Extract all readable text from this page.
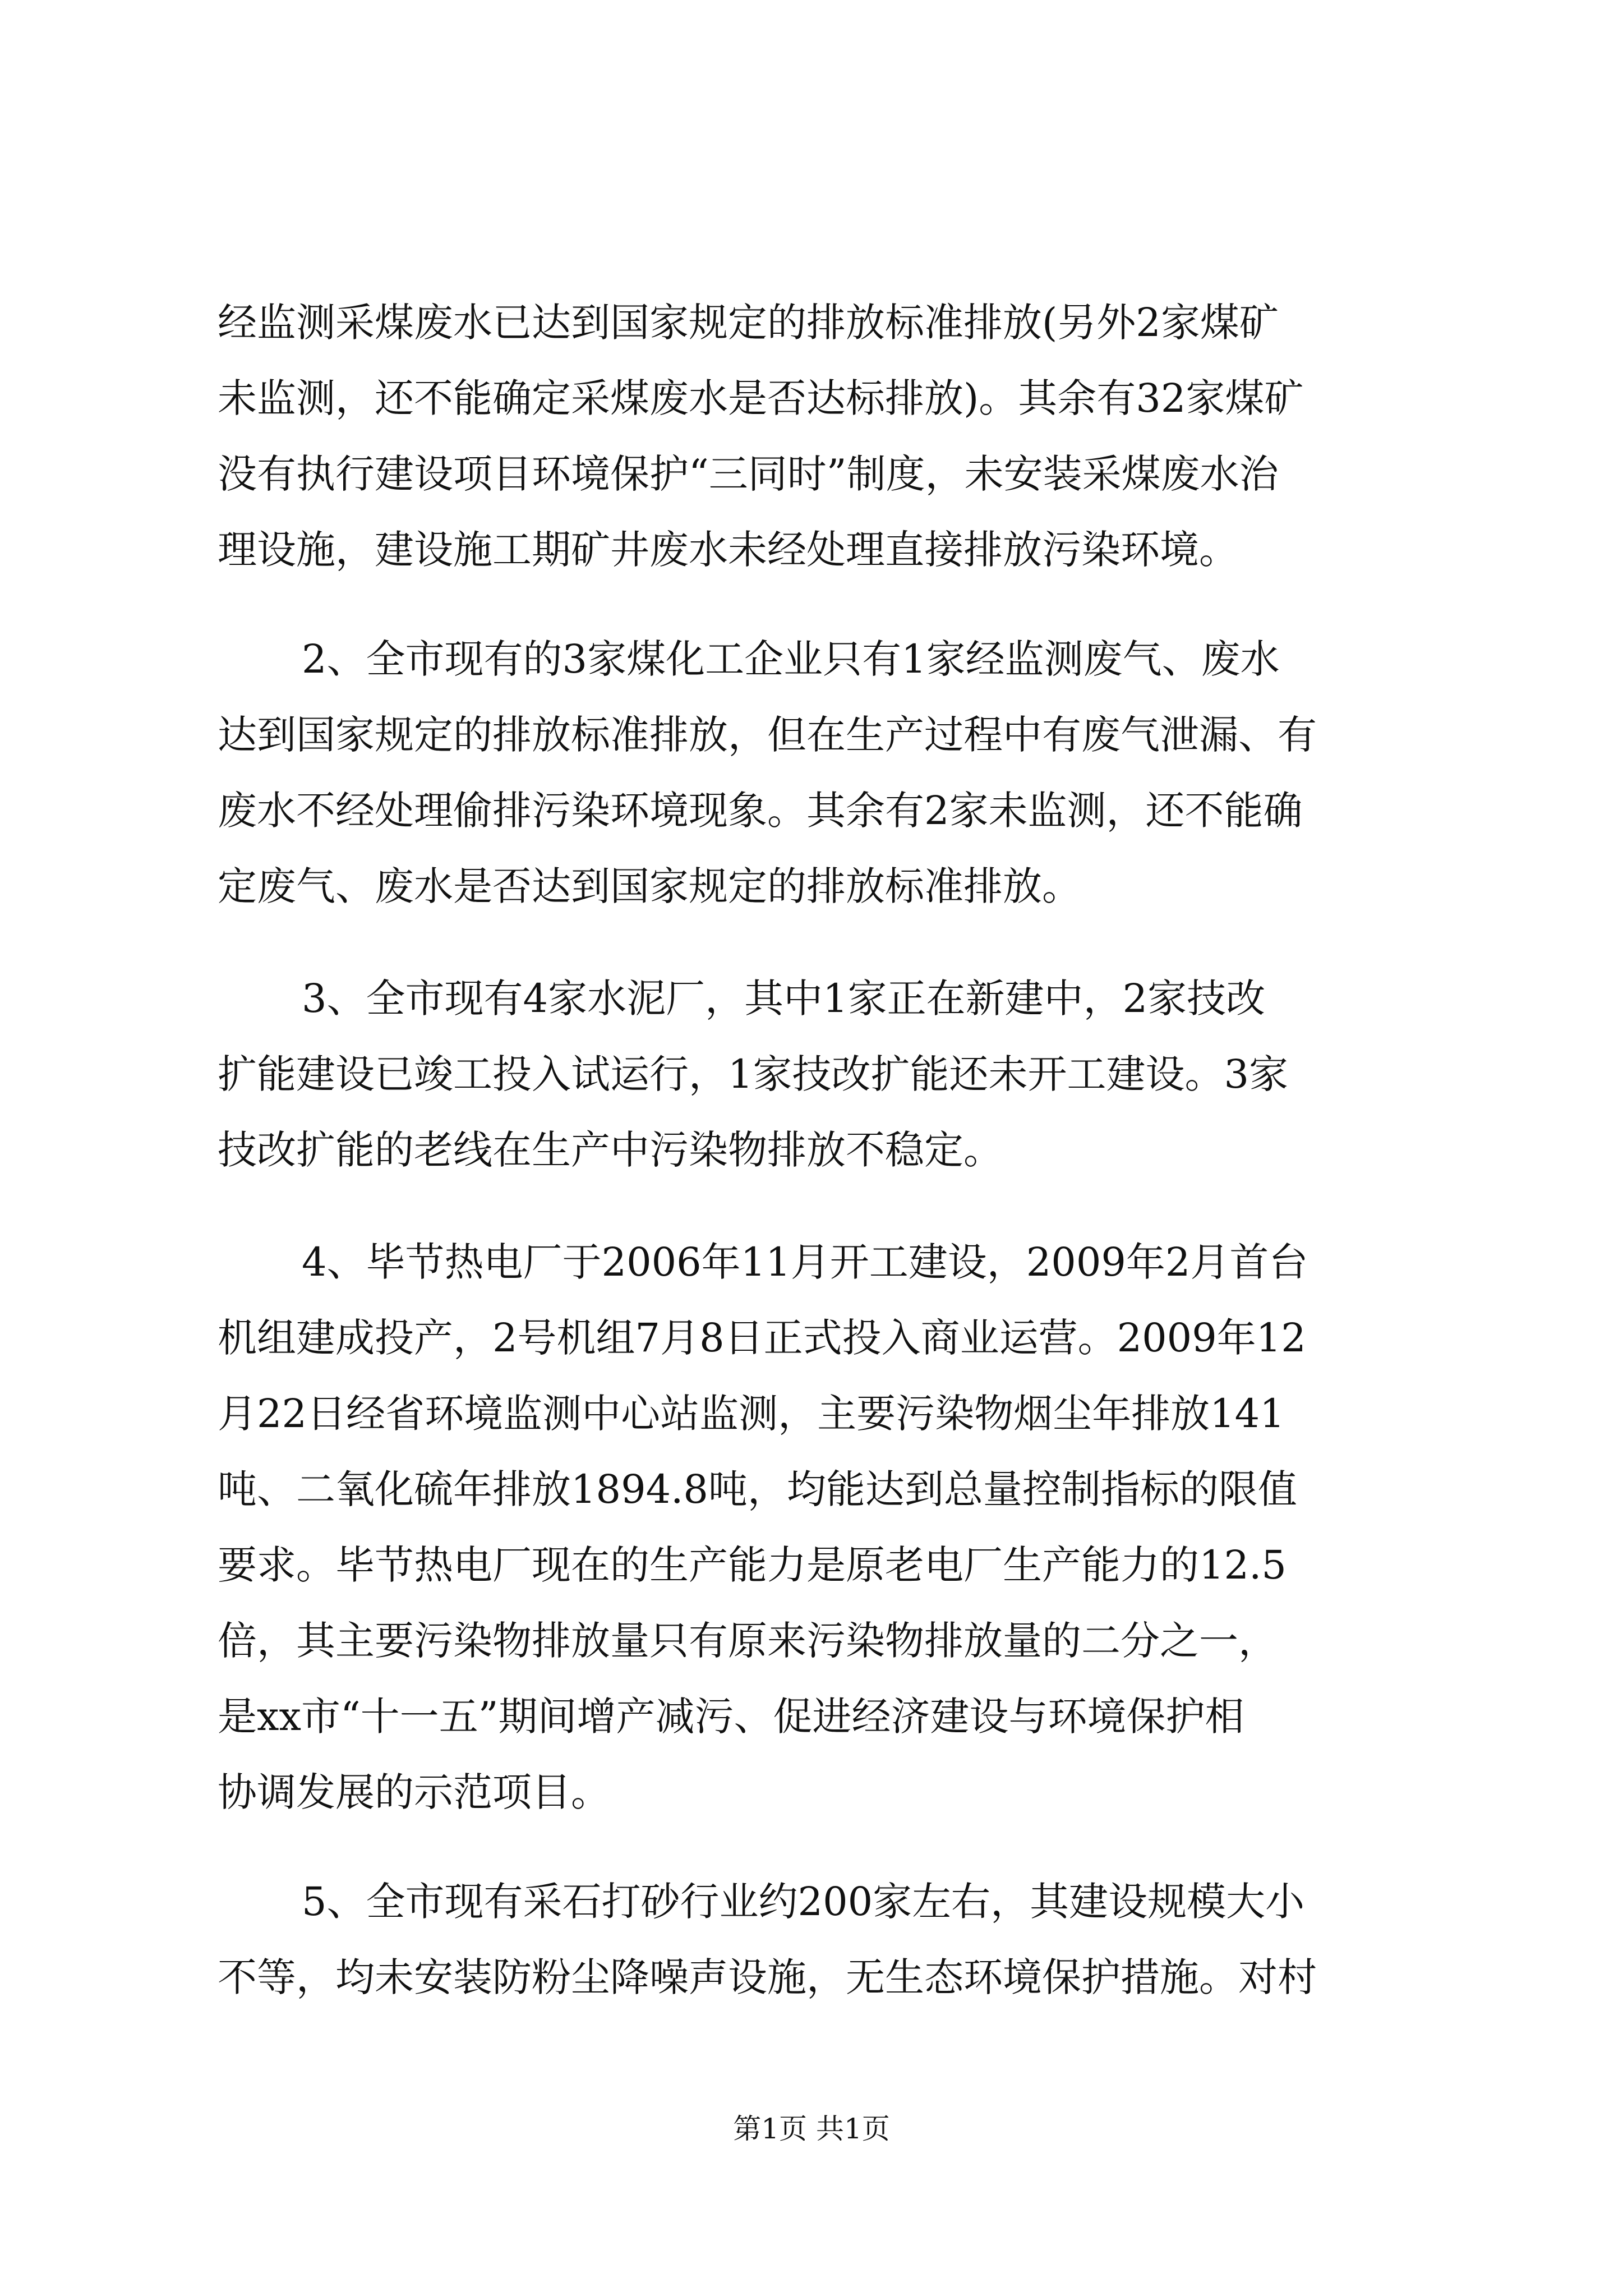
经监测采煤废水已达到国家规定的排放标准排放(另外2家煤矿
未监测，还不能确定采煤废水是否达标排放)。其余有32家煤矿
没有执行建设项目环境保护“三同时”制度，未安装采煤废水治
理设施，建设施工期矿井废水未经处理直接排放污染环境。
2、全市现有的3家煤化工企业只有1家经监测废气、废水
达到国家规定的排放标准排放，但在生产过程中有废气泄漏、有
废水不经处理偷排污染环境现象。其余有2家未监测，还不能确
定废气、废水是否达到国家规定的排放标准排放。
3、全市现有4家水泥厂，其中1家正在新建中，2家技改
扩能建设已竣工投入试运行，1家技改扩能还未开工建设。3家
技改扩能的老线在生产中污染物排放不稳定。
4、毕节热电厂于2006年11月开工建设，2009年2月首台
机组建成投产，2号机组7月8日正式投入商业运营。2009年12
月22日经省环境监测中心站监测，主要污染物烟尘年排放141
吨、二氧化硫年排放1894.8吨，均能达到总量控制指标的限值
要求。毕节热电厂现在的生产能力是原老电厂生产能力的12.5
倍，其主要污染物排放量只有原来污染物排放量的二分之一，
是xx市“十一五”期间增产减污、促进经济建设与环境保护相
协调发展的示范项目。
5、全市现有采石打砂行业约200家左右，其建设规模大小
不等，均未安装防粉尘降噪声设施，无生态环境保护措施。对村
第1页 共1页
